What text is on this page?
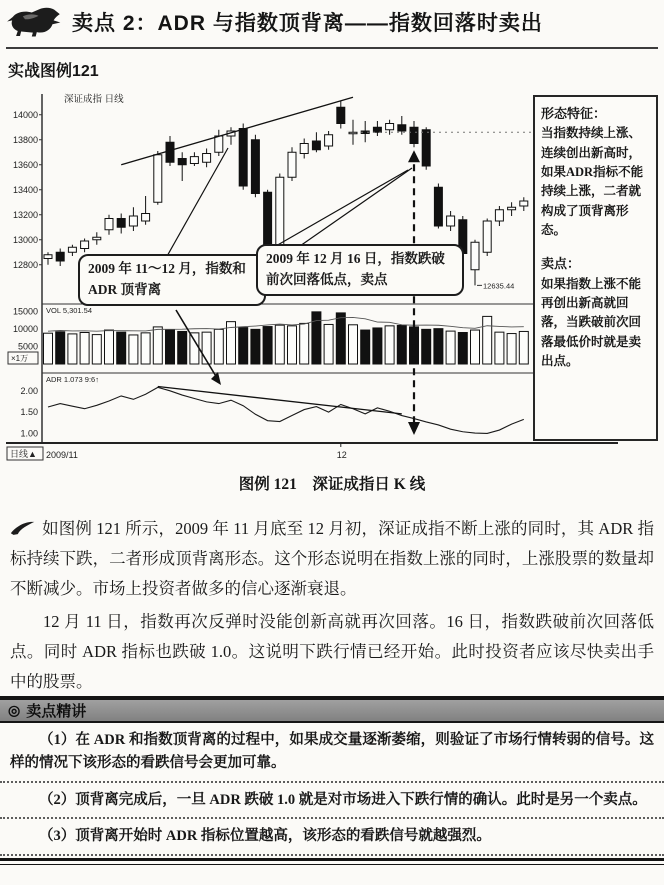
卖点 2：ADR 与指数顶背离——指数回落时卖出
实战图例121
14000
13800
13600
13400
13200
13000
12800
15000
10000
5000
2.00
1.50
1.00
深证成指 日线
VOL 5,301.54
ADR 1.073 9:6↑
×1万
日线▲ 2009/11	12
12635.44
2009 年 11～12 月，指数和 ADR 顶背离
2009 年 12 月 16 日，指数跌破前次回落低点，卖点
形态特征：
当指数持续上涨、连续创出新高时，如果ADR指标不能持续上涨，二者就构成了顶背离形态。
卖点：
如果指数上涨不能再创出新高就回落，当跌破前次回落最低价时就是卖出点。
图例 121　深证成指日 K 线
如图例 121 所示，2009 年 11 月底至 12 月初，深证成指不断上涨的同时，其 ADR 指标持续下跌，二者形成顶背离形态。这个形态说明在指数上涨的同时，上涨股票的数量却不断减少。市场上投资者做多的信心逐渐衰退。
12 月 11 日，指数再次反弹时没能创新高就再次回落。16 日，指数跌破前次回落低点。同时 ADR 指标也跌破 1.0。这说明下跌行情已经开始。此时投资者应该尽快卖出手中的股票。
◎ 卖点精讲
（1）在 ADR 和指数顶背离的过程中，如果成交量逐渐萎缩，则验证了市场行情转弱的信号。这样的情况下该形态的看跌信号会更加可靠。
（2）顶背离完成后，一旦 ADR 跌破 1.0 就是对市场进入下跌行情的确认。此时是另一个卖点。
（3）顶背离开始时 ADR 指标位置越高，该形态的看跌信号就越强烈。
